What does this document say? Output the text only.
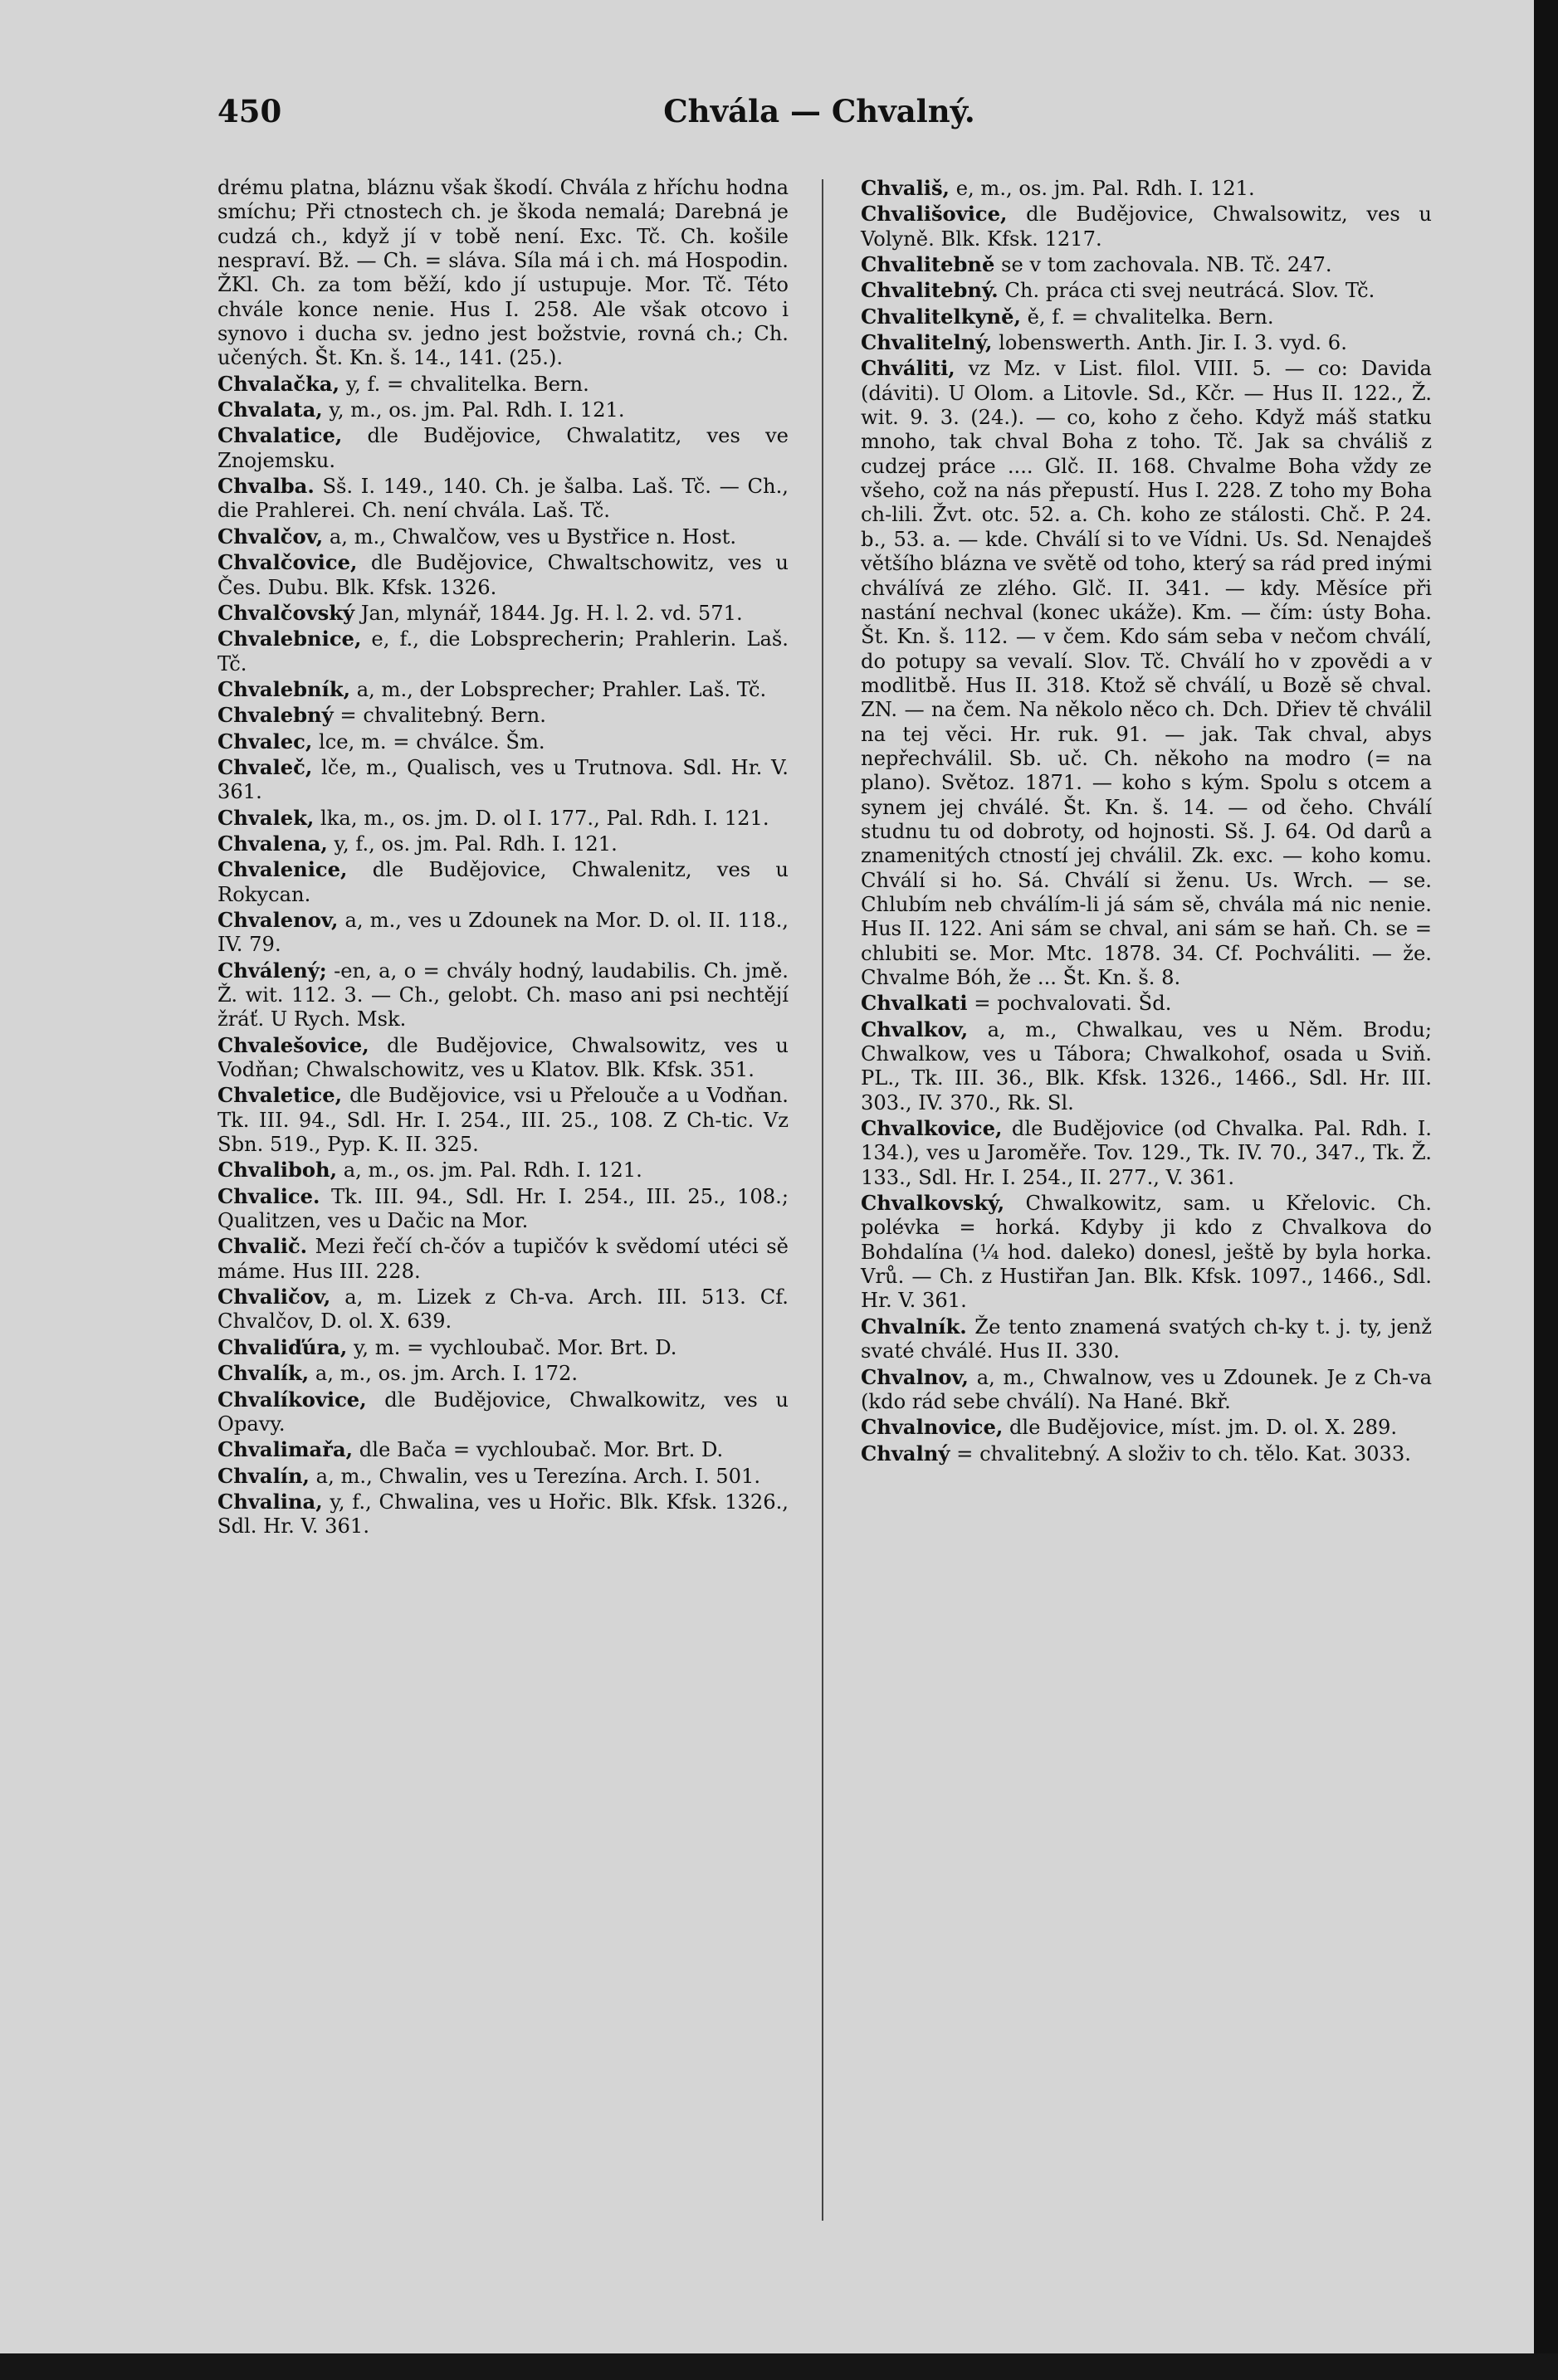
450	Chvála — Chvalný.

drému platna, bláznu však škodí. Chvála z hříchu hodna smíchu; Při ctnostech ch. je škoda nemalá; Darebná je cudzá ch., když jí v tobě není. Exc. Tč. Ch. košile nespraví. Bž. — Ch. = sláva. Síla má i ch. má Hospodin. ŽKl. Ch. za tom běží, kdo jí ustupuje. Mor. Tč. Této chvále konce nenie. Hus I. 258. Ale však otcovo i synovo i ducha sv. jedno jest božstvie, rovná ch.; Ch. učených. Št. Kn. š. 14., 141. (25.).

Chvalačka, y, f. = chvalitelka. Bern.

Chvalata, y, m., os. jm. Pal. Rdh. I. 121.

Chvalatice, dle Budějovice, Chwalatitz, ves ve Znojemsku.

Chvalba. Sš. I. 149., 140. Ch. je šalba. Laš. Tč. — Ch., die Prahlerei. Ch. není chvála. Laš. Tč.

Chvalčov, a, m., Chwalčow, ves u Bystřice n. Host.

Chvalčovice, dle Budějovice, Chwaltschowitz, ves u Čes. Dubu. Blk. Kfsk. 1326.

Chvalčovský Jan, mlynář, 1844. Jg. H. l. 2. vd. 571.

Chvalebnice, e, f., die Lobsprecherin; Prahlerin. Laš. Tč.

Chvalebník, a, m., der Lobsprecher; Prahler. Laš. Tč.

Chvalebný = chvalitebný. Bern.

Chvalec, lce, m. = chválce. Šm.

Chvaleč, lče, m., Qualisch, ves u Trutnova. Sdl. Hr. V. 361.

Chvalek, lka, m., os. jm. D. ol I. 177., Pal. Rdh. I. 121.

Chvalena, y, f., os. jm. Pal. Rdh. I. 121.

Chvalenice, dle Budějovice, Chwalenitz, ves u Rokycan.

Chvalenov, a, m., ves u Zdounek na Mor. D. ol. II. 118., IV. 79.

Chválený; -en, a, o = chvály hodný, laudabilis. Ch. jmě. Ž. wit. 112. 3. — Ch., gelobt. Ch. maso ani psi nechtějí žráť. U Rych. Msk.

Chvalešovice, dle Budějovice, Chwalsowitz, ves u Vodňan; Chwalschowitz, ves u Klatov. Blk. Kfsk. 351.

Chvaletice, dle Budějovice, vsi u Přelouče a u Vodňan. Tk. III. 94., Sdl. Hr. I. 254., III. 25., 108. Z Ch-tic. Vz Sbn. 519., Pyp. K. II. 325.

Chvaliboh, a, m., os. jm. Pal. Rdh. I. 121.

Chvalice. Tk. III. 94., Sdl. Hr. I. 254., III. 25., 108.; Qualitzen, ves u Dačic na Mor.

Chvalič. Mezi řečí ch-čóv a tupičóv k svědomí utéci sě máme. Hus III. 228.

Chvaličov, a, m. Lizek z Ch-va. Arch. III. 513. Cf. Chvalčov, D. ol. X. 639.

Chvaliďúra, y, m. = vychloubač. Mor. Brt. D.

Chvalík, a, m., os. jm. Arch. I. 172.

Chvalíkovice, dle Budějovice, Chwalkowitz, ves u Opavy.

Chvalimařa, dle Bača = vychloubač. Mor. Brt. D.

Chvalín, a, m., Chwalin, ves u Terezína. Arch. I. 501.

Chvalina, y, f., Chwalina, ves u Hořic. Blk. Kfsk. 1326., Sdl. Hr. V. 361.

Chvališ, e, m., os. jm. Pal. Rdh. I. 121.

Chvališovice, dle Budějovice, Chwalsowitz, ves u Volyně. Blk. Kfsk. 1217.

Chvalitebně se v tom zachovala. NB. Tč. 247.

Chvalitebný. Ch. práca cti svej neutrácá. Slov. Tč.

Chvalitelkyně, ě, f. = chvalitelka. Bern.

Chvalitelný, lobenswerth. Anth. Jir. I. 3. vyd. 6.

Chváliti, vz Mz. v List. filol. VIII. 5. — co: Davida (dáviti). U Olom. a Litovle. Sd., Kčr. — Hus II. 122., Ž. wit. 9. 3. (24.). — co, koho z čeho. Když máš statku mnoho, tak chval Boha z toho. Tč. Jak sa chváliš z cudzej práce .... Glč. II. 168. Chvalme Boha vždy ze všeho, což na nás přepustí. Hus I. 228. Z toho my Boha ch-lili. Žvt. otc. 52. a. Ch. koho ze stálosti. Chč. P. 24. b., 53. a. — kde. Chválí si to ve Vídni. Us. Sd. Nenajdeš většího blázna ve světě od toho, který sa rád pred inými chválívá ze zlého. Glč. II. 341. — kdy. Měsíce při nastání nechval (konec ukáže). Km. — čím: ústy Boha. Št. Kn. š. 112. — v čem. Kdo sám seba v nečom chválí, do potupy sa vevalí. Slov. Tč. Chválí ho v zpovědi a v modlitbě. Hus II. 318. Ktož sě chválí, u Bozě sě chval. ZN. — na čem. Na několo něco ch. Dch. Dřiev tě chválil na tej věci. Hr. ruk. 91. — jak. Tak chval, abys nepřechválil. Sb. uč. Ch. někoho na modro (= na plano). Světoz. 1871. — koho s kým. Spolu s otcem a synem jej chválé. Št. Kn. š. 14. — od čeho. Chválí studnu tu od dobroty, od hojnosti. Sš. J. 64. Od darů a znamenitých ctností jej chválil. Zk. exc. — koho komu. Chválí si ho. Sá. Chválí si ženu. Us. Wrch. — se. Chlubím neb chválím-li já sám sě, chvála má nic nenie. Hus II. 122. Ani sám se chval, ani sám se haň. Ch. se = chlubiti se. Mor. Mtc. 1878. 34. Cf. Pochváliti. — že. Chvalme Bóh, že ... Št. Kn. š. 8.

Chvalkati = pochvalovati. Šd.

Chvalkov, a, m., Chwalkau, ves u Něm. Brodu; Chwalkow, ves u Tábora; Chwalkohof, osada u Sviň. PL., Tk. III. 36., Blk. Kfsk. 1326., 1466., Sdl. Hr. III. 303., IV. 370., Rk. Sl.

Chvalkovice, dle Budějovice (od Chvalka. Pal. Rdh. I. 134.), ves u Jaroměře. Tov. 129., Tk. IV. 70., 347., Tk. Ž. 133., Sdl. Hr. I. 254., II. 277., V. 361.

Chvalkovský, Chwalkowitz, sam. u Křelovic. Ch. polévka = horká. Kdyby ji kdo z Chvalkova do Bohdalína (¼ hod. daleko) donesl, ještě by byla horka. Vrů. — Ch. z Hustiřan Jan. Blk. Kfsk. 1097., 1466., Sdl. Hr. V. 361.

Chvalník. Že tento znamená svatých ch-ky t. j. ty, jenž svaté chválé. Hus II. 330.

Chvalnov, a, m., Chwalnow, ves u Zdounek. Je z Ch-va (kdo rád sebe chválí). Na Hané. Bkř.

Chvalnovice, dle Budějovice, míst. jm. D. ol. X. 289.

Chvalný = chvalitebný. A složiv to ch. tělo. Kat. 3033.
